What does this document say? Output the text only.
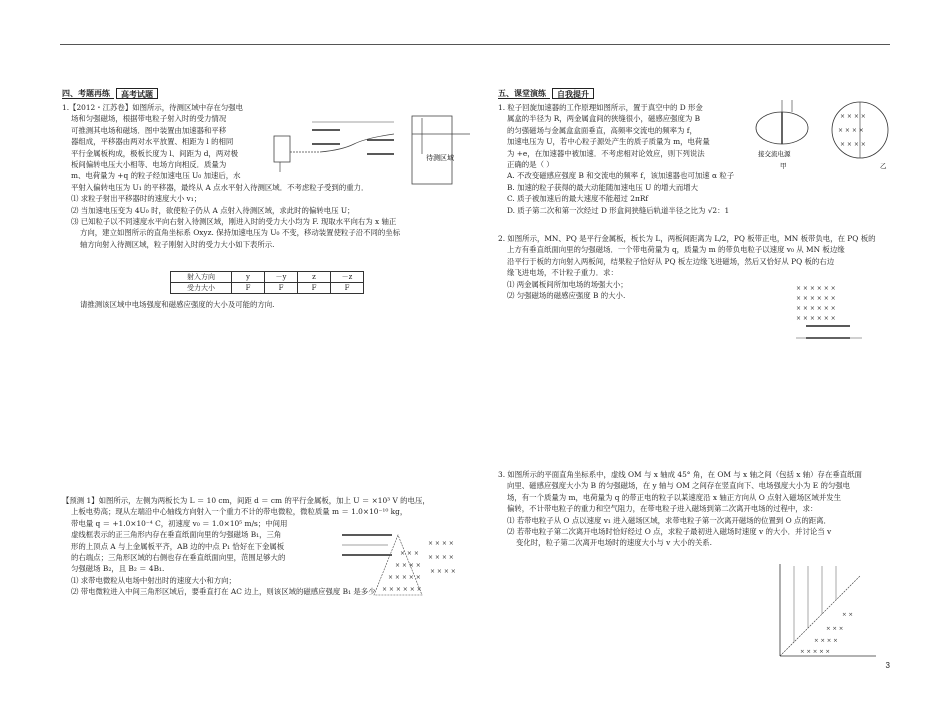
四、考题再练	高考试题

1.【2012・江苏卷】如图所示，待测区域中存在匀强电

场和匀强磁场，根据带电粒子射入时的受力情况

可推测其电场和磁场．图中装置由加速器和平移

器组成，平移器由两对水平放置、相距为 l 的相同

平行金属板构成，极板长度为 l、间距为 d，两对极

板间偏转电压大小相等、电场方向相反．质量为

m、电荷量为 +q 的粒子经加速电压 U₀ 加速后，水

平射入偏转电压为 U₁ 的平移器，最终从 A 点水平射入待测区域．不考虑粒子受到的重力．

⑴ 求粒子射出平移器时的速度大小 v₁；

⑵ 当加速电压变为 4U₀ 时，欲使粒子仍从 A 点射入待测区域，求此时的偏转电压 U；

⑶ 已知粒子以不同速度水平向右射入待测区域，刚进入时的受力大小均为 F. 现取水平向右为 x 轴正

方向，建立如图所示的直角坐标系 Oxyz. 保持加速电压为 U₀ 不变，移动装置使粒子沿不同的坐标

轴方向射入待测区域，粒子刚射入时的受力大小如下表所示.

射入方向	y	－y	z	－z
受力大小	F	F	F	F
请推测该区域中电场强度和磁感应强度的大小及可能的方向.
待测区域

【预测 1】如图所示，左侧为两板长为 L ＝ 10 cm，间距 d ＝ cm 的平行金属板，加上 U ＝ ×10³ V 的电压，

上板电势高；现从左端沿中心轴线方向射入一个重力不计的带电微粒，微粒质量 m ＝ 1.0×10⁻¹⁰ kg，

带电量 q ＝ +1.0×10⁻⁴ C，初速度 v₀ ＝ 1.0×10⁵ m/s；中间用

虚线框表示的正三角形内存在垂直纸面向里的匀强磁场 B₁，三角

形的上顶点 A 与上金属板平齐，AB 边的中点 P₁ 恰好在下金属板

的右端点；三角形区域的右侧也存在垂直纸面向里，范围足够大的

匀强磁场 B₂，且 B₂ ＝ 4B₁.

⑴ 求带电微粒从电场中射出时的速度大小和方向；

⑵ 带电微粒进入中间三角形区域后，要垂直打在 AC 边上，则该区域的磁感应强度 B₁ 是多少

× × ×
× × × ×
× × × × ×
× × × × × ×
× × × ×
× × × ×
× × × ×
五、课堂演练	自我提升

1. 粒子回旋加速器的工作原理如图所示，置于真空中的 D 形金

属盒的半径为 R，两金属盒间的狭缝很小，磁感应强度为 B

的匀强磁场与金属盒盒面垂直，高频率交流电的频率为 f，

加速电压为 U，若中心粒子源处产生的质子质量为 m，电荷量

为 +e，在加速器中被加速．不考虑相对论效应，则下列说法

正确的是（ ）

A. 不改变磁感应强度 B 和交流电的频率 f，该加速器也可加速 α 粒子

B. 加速的粒子获得的最大动能随加速电压 U 的增大而增大

C. 质子被加速后的最大速度不能超过 2πRf

D. 质子第二次和第一次经过 D 形盒间狭缝后轨道半径之比为 √2：1

接交流电源
甲
× × × ×
× × × ×
× × × ×
乙

2. 如图所示，MN、PQ 是平行金属板，板长为 L，两板间距离为 L/2，PQ 板带正电，MN 板带负电，在 PQ 板的

上方有垂直纸面向里的匀强磁场．一个带电荷量为 q，质量为 m 的带负电粒子以速度 v₀ 从 MN 板边缘

沿平行于板的方向射入两板间，结果粒子恰好从 PQ 板左边缘飞进磁场，然后又恰好从 PQ 板的右边

缘飞进电场，不计粒子重力．求：

⑴ 两金属板间所加电场的场强大小；

⑵ 匀强磁场的磁感应强度 B 的大小.

× × × × × ×
× × × × × ×
× × × × × ×
× × × × × ×

3. 如图所示的平面直角坐标系中，虚线 OM 与 x 轴成 45° 角，在 OM 与 x 轴之间（包括 x 轴）存在垂直纸面

向里、磁感应强度大小为 B 的匀强磁场，在 y 轴与 OM 之间存在竖直向下、电场强度大小为 E 的匀强电

场，有一个质量为 m，电荷量为 q 的带正电的粒子以某速度沿 x 轴正方向从 O 点射入磁场区域并发生

偏转，不计带电粒子的重力和空气阻力，在带电粒子进入磁场到第二次离开电场的过程中，求：

⑴ 若带电粒子从 O 点以速度 v₁ 进入磁场区域，求带电粒子第一次离开磁场的位置到 O 点的距离．

⑵ 若带电粒子第二次离开电场时恰好经过 O 点，求粒子最初进入磁场时速度 v 的大小．并讨论当 v

变化时，粒子第二次离开电场时的速度大小与 v 大小的关系.

× × ×
× × × ×
× × × × ×
× ×
3
